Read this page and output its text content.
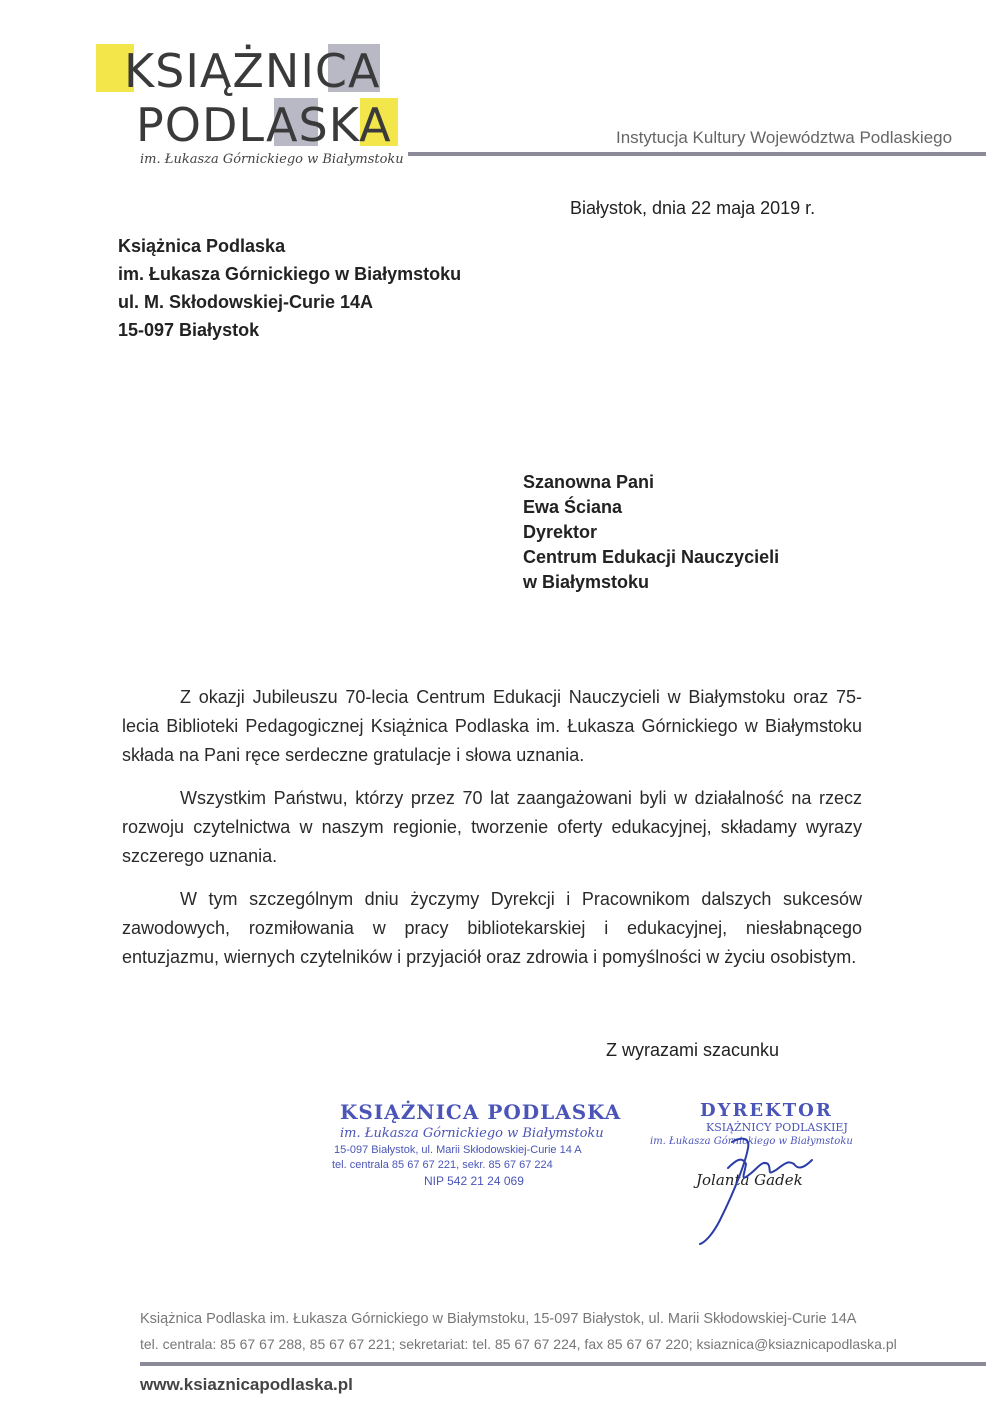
KSIĄŻNICA
PODLASKA
im. Łukasza Górnickiego w Białymstoku
Instytucja Kultury Województwa Podlaskiego
Białystok, dnia 22 maja 2019 r.
Książnica Podlaska
im. Łukasza Górnickiego w Białymstoku
ul. M. Skłodowskiej-Curie 14A
15-097 Białystok
Szanowna Pani
Ewa Ściana
Dyrektor
Centrum Edukacji Nauczycieli
w Białymstoku

Z okazji Jubileuszu 70-lecia Centrum Edukacji Nauczycieli w Białymstoku oraz 75-lecia Biblioteki Pedagogicznej Książnica Podlaska im. Łukasza Górnickiego w Białymstoku składa na Pani ręce serdeczne gratulacje i słowa uznania.

Wszystkim Państwu, którzy przez 70 lat zaangażowani byli w działalność na rzecz rozwoju czytelnictwa w naszym regionie, tworzenie oferty edukacyjnej, składamy wyrazy szczerego uznania.

W tym szczególnym dniu życzymy Dyrekcji i Pracownikom dalszych sukcesów zawodowych, rozmiłowania w pracy bibliotekarskiej i edukacyjnej, niesłabnącego entuzjazmu, wiernych czytelników i przyjaciół oraz zdrowia i pomyślności w życiu osobistym.

Z wyrazami szacunku
KSIĄŻNICA PODLASKA
im. Łukasza Górnickiego w Białymstoku
15-097 Białystok, ul. Marii Skłodowskiej-Curie 14 A
tel. centrala 85 67 67 221, sekr. 85 67 67 224
NIP 542 21 24 069
DYREKTOR
KSIĄŻNICY PODLASKIEJ
im. Łukasza Górnickiego w Białymstoku
Jolanta Gadek
Książnica Podlaska im. Łukasza Górnickiego w Białymstoku, 15-097 Białystok, ul. Marii Skłodowskiej-Curie 14A
tel. centrala: 85 67 67 288, 85 67 67 221; sekretariat: tel. 85 67 67 224, fax 85 67 67 220; ksiaznica@ksiaznicapodlaska.pl
www.ksiaznicapodlaska.pl
